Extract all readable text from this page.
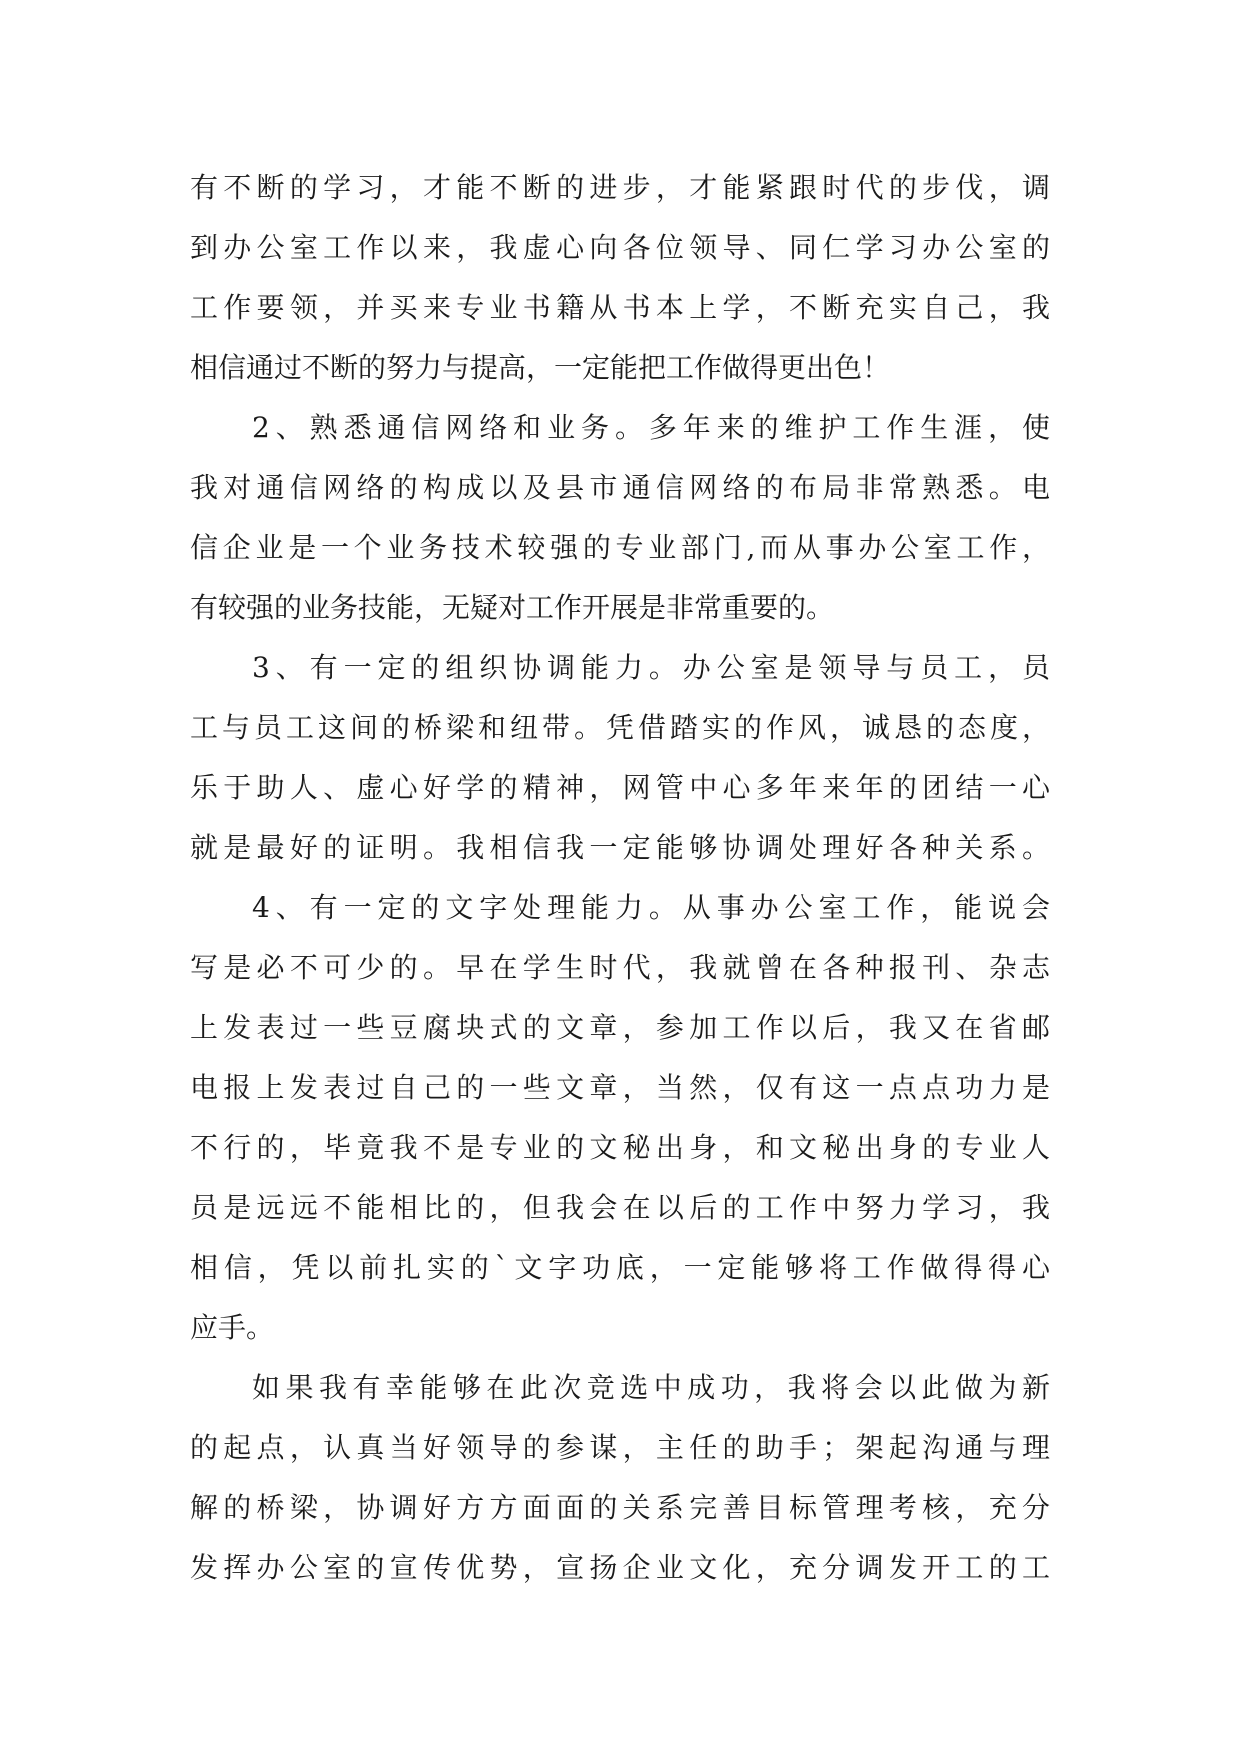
有不断的学习，才能不断的进步，才能紧跟时代的步伐，调
到办公室工作以来，我虚心向各位领导、同仁学习办公室的
工作要领，并买来专业书籍从书本上学，不断充实自己，我
相信通过不断的努力与提高，一定能把工作做得更出色！
2、熟悉通信网络和业务。多年来的维护工作生涯，使
我对通信网络的构成以及县市通信网络的布局非常熟悉。电
信企业是一个业务技术较强的专业部门,而从事办公室工作，
有较强的业务技能，无疑对工作开展是非常重要的。
3、有一定的组织协调能力。办公室是领导与员工，员
工与员工这间的桥梁和纽带。凭借踏实的作风，诚恳的态度，
乐于助人、虚心好学的精神，网管中心多年来年的团结一心
就是最好的证明。我相信我一定能够协调处理好各种关系。
4、有一定的文字处理能力。从事办公室工作，能说会
写是必不可少的。早在学生时代，我就曾在各种报刊、杂志
上发表过一些豆腐块式的文章，参加工作以后，我又在省邮
电报上发表过自己的一些文章，当然，仅有这一点点功力是
不行的，毕竟我不是专业的文秘出身，和文秘出身的专业人
员是远远不能相比的，但我会在以后的工作中努力学习，我
相信，凭以前扎实的`文字功底，一定能够将工作做得得心
应手。
如果我有幸能够在此次竞选中成功，我将会以此做为新
的起点，认真当好领导的参谋，主任的助手；架起沟通与理
解的桥梁，协调好方方面面的关系完善目标管理考核，充分
发挥办公室的宣传优势，宣扬企业文化，充分调发开工的工
